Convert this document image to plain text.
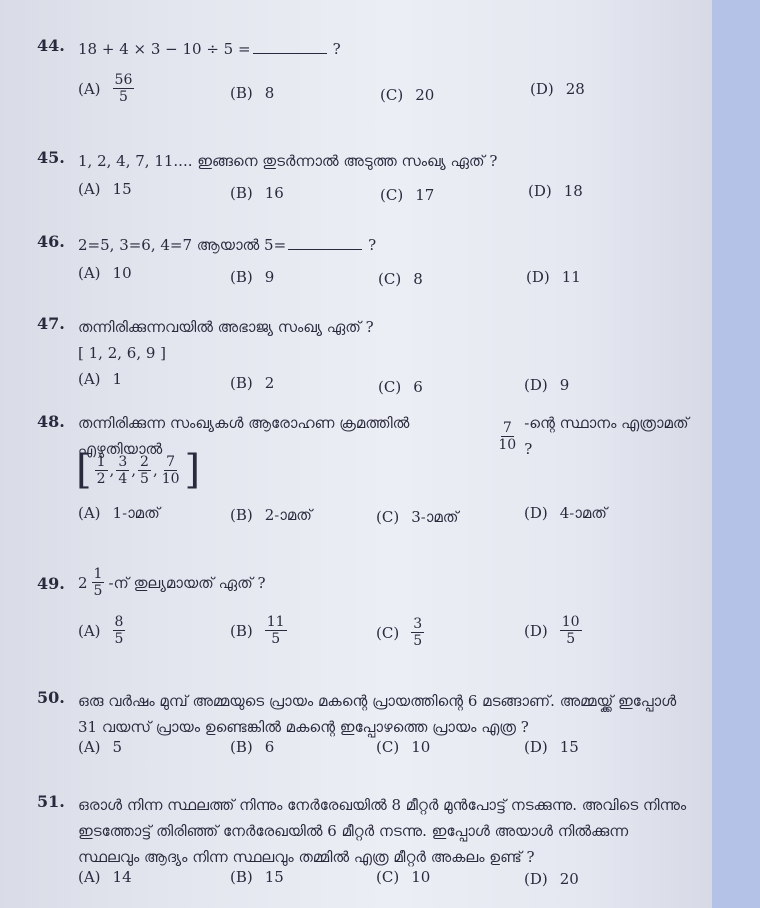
44. 18 + 4 × 3 − 10 ÷ 5 =	?
$(A) \frac{56}{5}$	(B) 8	(C) 20	(D) 28
45. 1, 2, 4, 7, 11.... ഇങ്ങനെ തുടർന്നാൽ അടുത്ത സംഖ്യ ഏത് ?
(A) 15	(B) 16	(C) 17	(D) 18
46. 2=5, 3=6, 4=7 ആയാൽ 5=	?
(A) 10	(B) 9	(C) 8	(D) 11
47. തന്നിരിക്കുന്നവയിൽ അഭാജ്യ സംഖ്യ ഏത് ?
[ 1, 2, 6, 9 ]
(A) 1	(B) 2	(C) 6	(D) 9
48. തന്നിരിക്കുന്ന സംഖ്യകൾ ആരോഹണ ക്രമത്തിൽ എഴുതിയാൽ	$\frac{7}{10}$ -ന്റെ സ്ഥാനം എത്രാമത് ?
[ $\frac{1}{2}$ , $\frac{3}{4}$ , $\frac{2}{5}$ , $\frac{7}{10}$ ]
(A) 1-ാമത്	(B) 2-ാമത്	(C) 3-ാമത്	(D) 4-ാമത്
49. $2 \frac{1}{5}$ -ന് തുല്യമായത് ഏത് ?
$(A) \frac{8}{5}$	$(B) \frac{11}{5}$	$(C) \frac{3}{5}$	$(D) \frac{10}{5}$
50. ഒരു വർഷം മുമ്പ് അമ്മയുടെ പ്രായം മകന്റെ പ്രായത്തിന്റെ 6 മടങ്ങാണ്. അമ്മയ്ക്ക് ഇപ്പോൾ 31 വയസ് പ്രായം ഉണ്ടെങ്കിൽ മകന്റെ ഇപ്പോഴത്തെ പ്രായം എത്ര ?
(A) 5	(B) 6	(C) 10	(D) 15
51. ഒരാൾ നിന്ന സ്ഥലത്ത് നിന്നും നേർരേഖയിൽ 8 മീറ്റർ മുൻപോട്ട് നടക്കുന്നു. അവിടെ നിന്നും ഇടത്തോട്ട് തിരിഞ്ഞ് നേർരേഖയിൽ 6 മീറ്റർ നടന്നു. ഇപ്പോൾ അയാൾ നിൽക്കുന്ന സ്ഥലവും ആദ്യം നിന്ന സ്ഥലവും തമ്മിൽ എത്ര മീറ്റർ അകലം ഉണ്ട് ?
(A) 14	(B) 15	(C) 10	(D) 20
